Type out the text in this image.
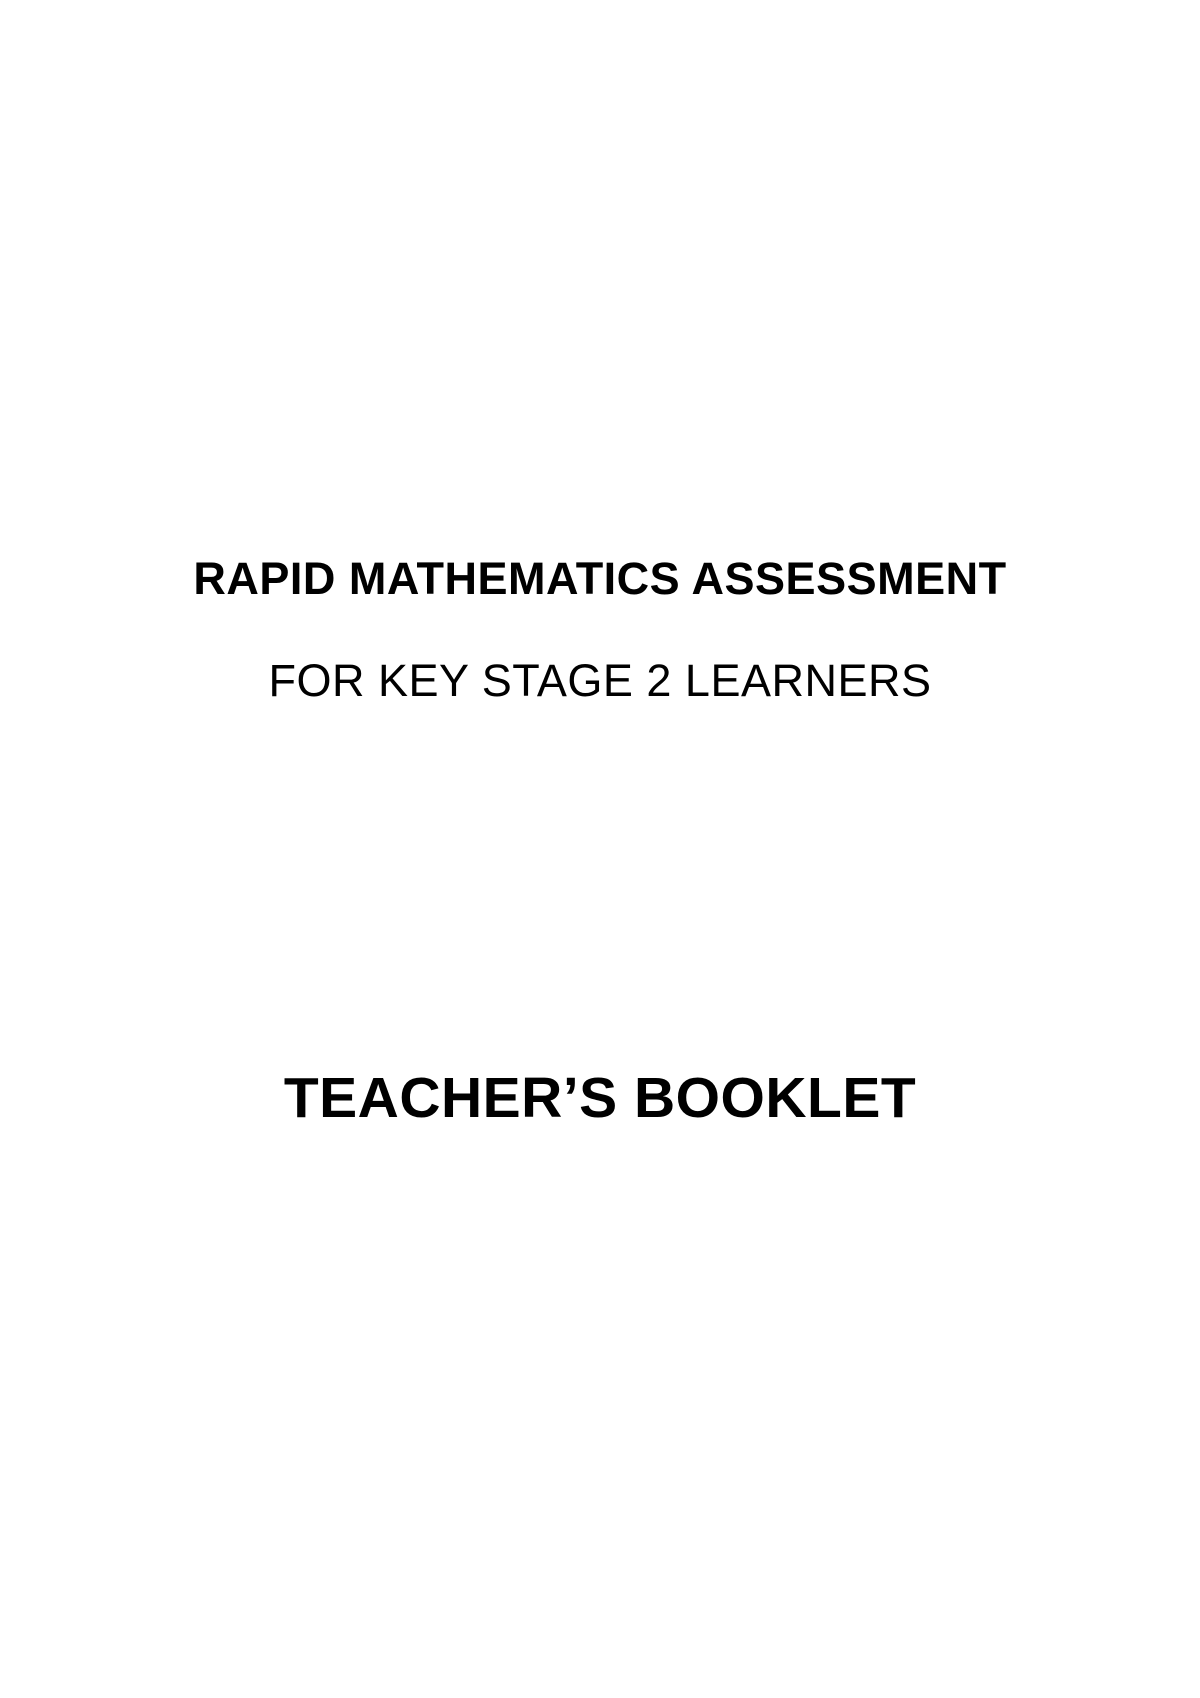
RAPID MATHEMATICS ASSESSMENT
FOR KEY STAGE 2 LEARNERS
TEACHER’S BOOKLET
